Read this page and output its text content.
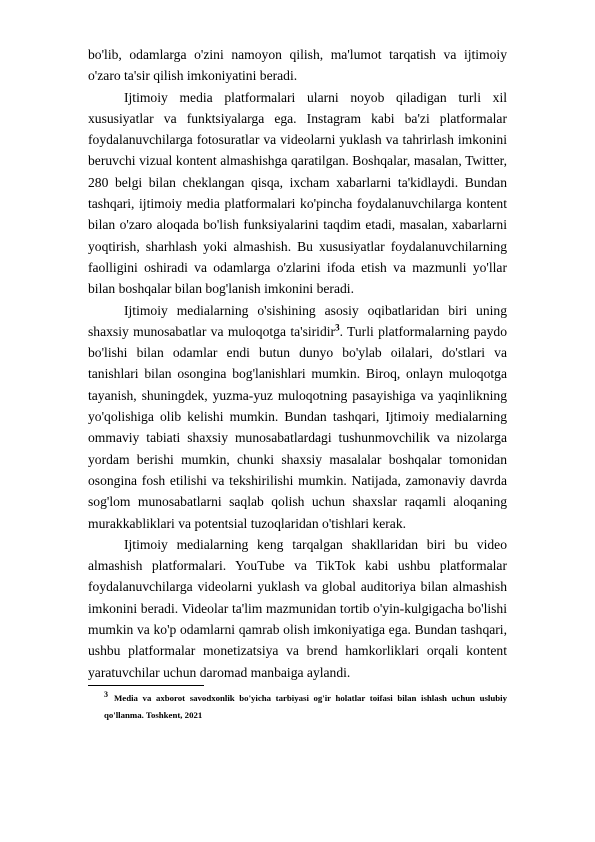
bo'lib, odamlarga o'zini namoyon qilish, ma'lumot tarqatish va ijtimoiy o'zaro ta'sir qilish imkoniyatini beradi.

Ijtimoiy media platformalari ularni noyob qiladigan turli xil xususiyatlar va funktsiyalarga ega. Instagram kabi ba'zi platformalar foydalanuvchilarga fotosuratlar va videolarni yuklash va tahrirlash imkonini beruvchi vizual kontent almashishga qaratilgan. Boshqalar, masalan, Twitter, 280 belgi bilan cheklangan qisqa, ixcham xabarlarni ta'kidlaydi. Bundan tashqari, ijtimoiy media platformalari ko'pincha foydalanuvchilarga kontent bilan o'zaro aloqada bo'lish funksiyalarini taqdim etadi, masalan, xabarlarni yoqtirish, sharhlash yoki almashish. Bu xususiyatlar foydalanuvchilarning faolligini oshiradi va odamlarga o'zlarini ifoda etish va mazmunli yo'llar bilan boshqalar bilan bog'lanish imkonini beradi.

Ijtimoiy medialarning o'sishining asosiy oqibatlaridan biri uning shaxsiy munosabatlar va muloqotga ta'siridir$^3$. Turli platformalarning paydo bo'lishi bilan odamlar endi butun dunyo bo'ylab oilalari, do'stlari va tanishlari bilan osongina bog'lanishlari mumkin. Biroq, onlayn muloqotga tayanish, shuningdek, yuzma-yuz muloqotning pasayishiga va yaqinlikning yo'qolishiga olib kelishi mumkin. Bundan tashqari, Ijtimoiy medialarning ommaviy tabiati shaxsiy munosabatlardagi tushunmovchilik va nizolarga yordam berishi mumkin, chunki shaxsiy masalalar boshqalar tomonidan osongina fosh etilishi va tekshirilishi mumkin. Natijada, zamonaviy davrda sog'lom munosabatlarni saqlab qolish uchun shaxslar raqamli aloqaning murakkabliklari va potentsial tuzoqlaridan o'tishlari kerak.

Ijtimoiy medialarning keng tarqalgan shakllaridan biri bu video almashish platformalari. YouTube va TikTok kabi ushbu platformalar foydalanuvchilarga videolarni yuklash va global auditoriya bilan almashish imkonini beradi. Videolar ta'lim mazmunidan tortib o'yin-kulgigacha bo'lishi mumkin va ko'p odamlarni qamrab olish imkoniyatiga ega. Bundan tashqari, ushbu platformalar monetizatsiya va brend hamkorliklari orqali kontent yaratuvchilar uchun daromad manbaiga aylandi.

$^3$ Media va axborot savodxonlik bo'yicha tarbiyasi og'ir holatlar toifasi bilan ishlash uchun uslubiy qo'llanma. Toshkent, 2021
